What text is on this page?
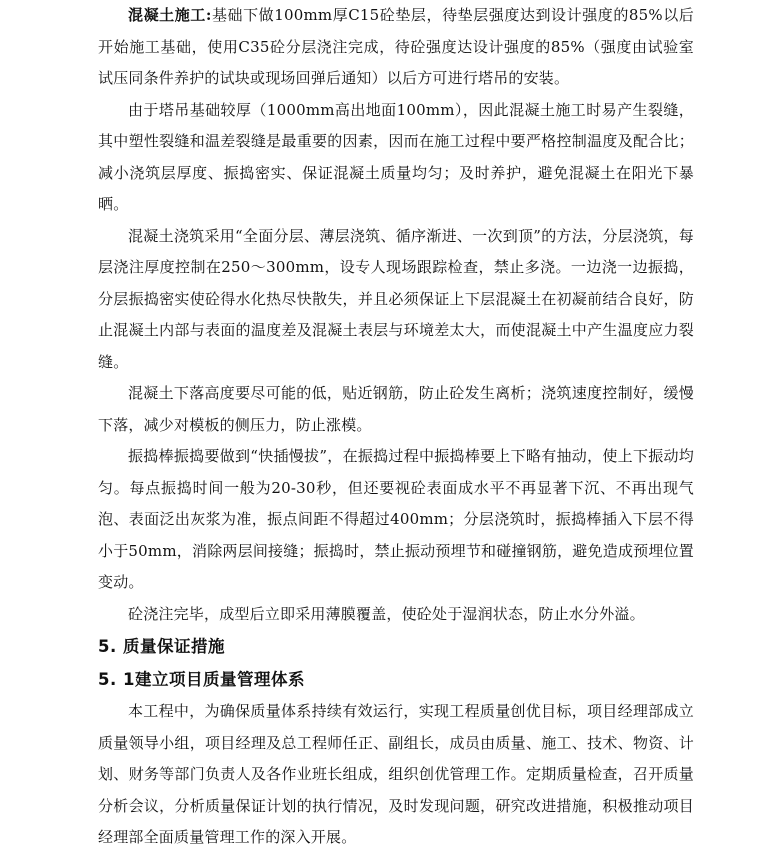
混凝土施工:基础下做100mm厚C15砼垫层，待垫层强度达到设计强度的85%以后开始施工基础，使用C35砼分层浇注完成，待砼强度达设计强度的85%（强度由试验室试压同条件养护的试块或现场回弹后通知）以后方可进行塔吊的安装。

由于塔吊基础较厚（1000mm高出地面100mm），因此混凝土施工时易产生裂缝，其中塑性裂缝和温差裂缝是最重要的因素，因而在施工过程中要严格控制温度及配合比；减小浇筑层厚度、振捣密实、保证混凝土质量均匀；及时养护，避免混凝土在阳光下暴晒。

混凝土浇筑采用“全面分层、薄层浇筑、循序渐进、一次到顶”的方法，分层浇筑，每层浇注厚度控制在250～300mm，设专人现场跟踪检查，禁止多浇。一边浇一边振捣，分层振捣密实使砼得水化热尽快散失，并且必须保证上下层混凝土在初凝前结合良好，防止混凝土内部与表面的温度差及混凝土表层与环境差太大，而使混凝土中产生温度应力裂缝。

混凝土下落高度要尽可能的低，贴近钢筋，防止砼发生离析；浇筑速度控制好，缓慢下落，减少对模板的侧压力，防止涨模。

振捣棒振捣要做到“快插慢拔”，在振捣过程中振捣棒要上下略有抽动，使上下振动均匀。每点振捣时间一般为20-30秒，但还要视砼表面成水平不再显著下沉、不再出现气泡、表面泛出灰浆为准，振点间距不得超过400mm；分层浇筑时，振捣棒插入下层不得小于50mm，消除两层间接缝；振捣时，禁止振动预埋节和碰撞钢筋，避免造成预埋位置变动。

砼浇注完毕，成型后立即采用薄膜覆盖，使砼处于湿润状态，防止水分外溢。

5. 质量保证措施
5. 1建立项目质量管理体系

本工程中，为确保质量体系持续有效运行，实现工程质量创优目标，项目经理部成立质量领导小组，项目经理及总工程师任正、副组长，成员由质量、施工、技术、物资、计划、财务等部门负责人及各作业班长组成，组织创优管理工作。定期质量检查，召开质量分析会议，分析质量保证计划的执行情况，及时发现问题，研究改进措施，积极推动项目经理部全面质量管理工作的深入开展。
